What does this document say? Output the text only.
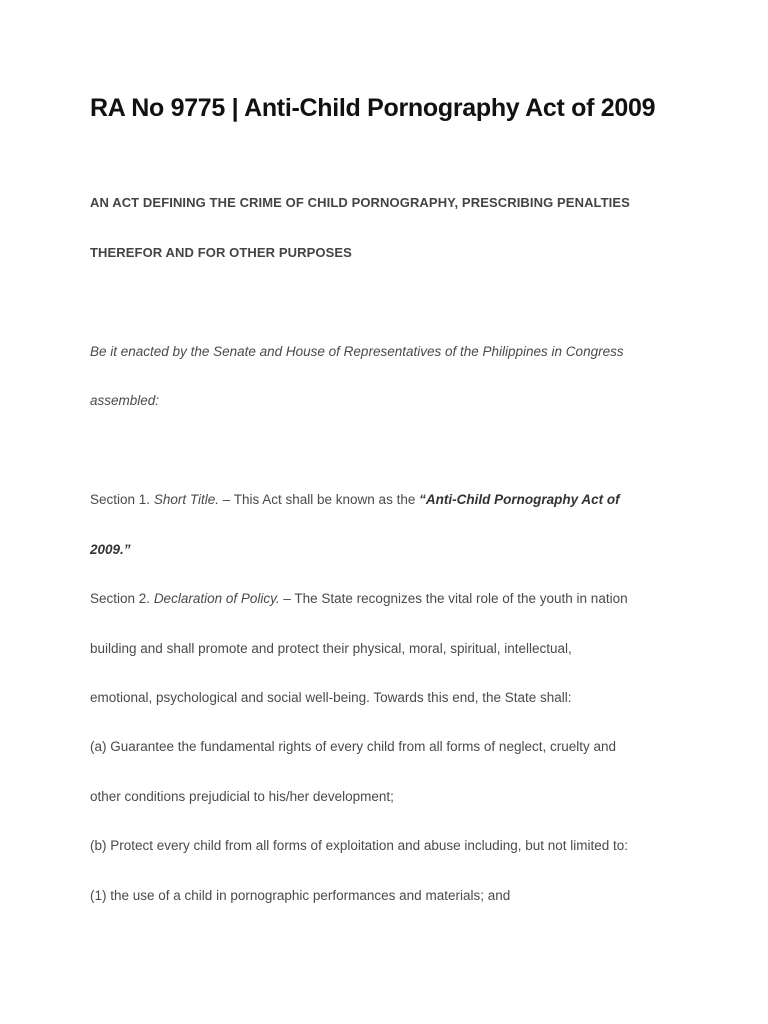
RA No 9775 | Anti-Child Pornography Act of 2009

AN ACT DEFINING THE CRIME OF CHILD PORNOGRAPHY, PRESCRIBING PENALTIES

THEREFOR AND FOR OTHER PURPOSES

Be it enacted by the Senate and House of Representatives of the Philippines in Congress

assembled:

Section 1. Short Title. – This Act shall be known as the “Anti-Child Pornography Act of

2009.”

Section 2. Declaration of Policy. – The State recognizes the vital role of the youth in nation

building and shall promote and protect their physical, moral, spiritual, intellectual,

emotional, psychological and social well-being. Towards this end, the State shall:

(a) Guarantee the fundamental rights of every child from all forms of neglect, cruelty and

other conditions prejudicial to his/her development;

(b) Protect every child from all forms of exploitation and abuse including, but not limited to:

(1) the use of a child in pornographic performances and materials; and
